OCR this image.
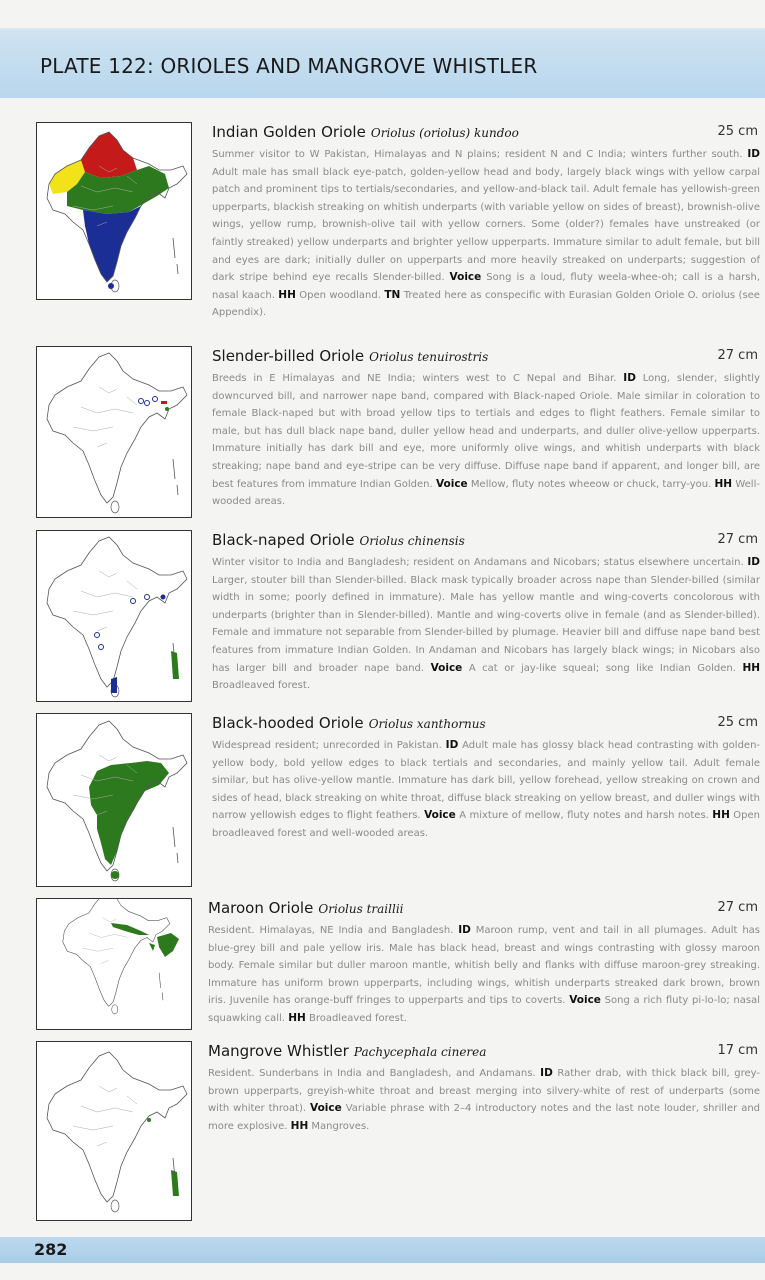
PLATE 122: ORIOLES AND MANGROVE WHISTLER
Indian Golden Oriole Oriolus (oriolus) kundoo	25 cm
Summer visitor to W Pakistan, Himalayas and N plains; resident N and C India; winters further south. ID Adult male has small black eye-patch, golden-yellow head and body, largely black wings with yellow carpal patch and prominent tips to tertials/secondaries, and yellow-and-black tail. Adult female has yellowish-green upperparts, blackish streaking on whitish underparts (with variable yellow on sides of breast), brownish-olive wings, yellow rump, brownish-olive tail with yellow corners. Some (older?) females have unstreaked (or faintly streaked) yellow underparts and brighter yellow upperparts. Immature similar to adult female, but bill and eyes are dark; initially duller on upperparts and more heavily streaked on underparts; suggestion of dark stripe behind eye recalls Slender-billed. Voice Song is a loud, fluty weela-whee-oh; call is a harsh, nasal kaach. HH Open woodland. TN Treated here as conspecific with Eurasian Golden Oriole O. oriolus (see Appendix).
Slender-billed Oriole Oriolus tenuirostris	27 cm
Breeds in E Himalayas and NE India; winters west to C Nepal and Bihar. ID Long, slender, slightly downcurved bill, and narrower nape band, compared with Black-naped Oriole. Male similar in coloration to female Black-naped but with broad yellow tips to tertials and edges to flight feathers. Female similar to male, but has dull black nape band, duller yellow head and underparts, and duller olive-yellow upperparts. Immature initially has dark bill and eye, more uniformly olive wings, and whitish underparts with black streaking; nape band and eye-stripe can be very diffuse. Diffuse nape band if apparent, and longer bill, are best features from immature Indian Golden. Voice Mellow, fluty notes wheeow or chuck, tarry-you. HH Well-wooded areas.
Black-naped Oriole Oriolus chinensis	27 cm
Winter visitor to India and Bangladesh; resident on Andamans and Nicobars; status elsewhere uncertain. ID Larger, stouter bill than Slender-billed. Black mask typically broader across nape than Slender-billed (similar width in some; poorly defined in immature). Male has yellow mantle and wing-coverts concolorous with underparts (brighter than in Slender-billed). Mantle and wing-coverts olive in female (and as Slender-billed). Female and immature not separable from Slender-billed by plumage. Heavier bill and diffuse nape band best features from immature Indian Golden. In Andaman and Nicobars has largely black wings; in Nicobars also has larger bill and broader nape band. Voice A cat or jay-like squeal; song like Indian Golden. HH Broadleaved forest.
Black-hooded Oriole Oriolus xanthornus	25 cm
Widespread resident; unrecorded in Pakistan. ID Adult male has glossy black head contrasting with golden-yellow body, bold yellow edges to black tertials and secondaries, and mainly yellow tail. Adult female similar, but has olive-yellow mantle. Immature has dark bill, yellow forehead, yellow streaking on crown and sides of head, black streaking on white throat, diffuse black streaking on yellow breast, and duller wings with narrow yellowish edges to flight feathers. Voice A mixture of mellow, fluty notes and harsh notes. HH Open broadleaved forest and well-wooded areas.
Maroon Oriole Oriolus traillii	27 cm
Resident. Himalayas, NE India and Bangladesh. ID Maroon rump, vent and tail in all plumages. Adult has blue-grey bill and pale yellow iris. Male has black head, breast and wings contrasting with glossy maroon body. Female similar but duller maroon mantle, whitish belly and flanks with diffuse maroon-grey streaking. Immature has uniform brown upperparts, including wings, whitish underparts streaked dark brown, brown iris. Juvenile has orange-buff fringes to upperparts and tips to coverts. Voice Song a rich fluty pi-lo-lo; nasal squawking call. HH Broadleaved forest.
Mangrove Whistler Pachycephala cinerea	17 cm
Resident. Sunderbans in India and Bangladesh, and Andamans. ID Rather drab, with thick black bill, grey-brown upperparts, greyish-white throat and breast merging into silvery-white of rest of underparts (some with whiter throat). Voice Variable phrase with 2–4 introductory notes and the last note louder, shriller and more explosive. HH Mangroves.
282
